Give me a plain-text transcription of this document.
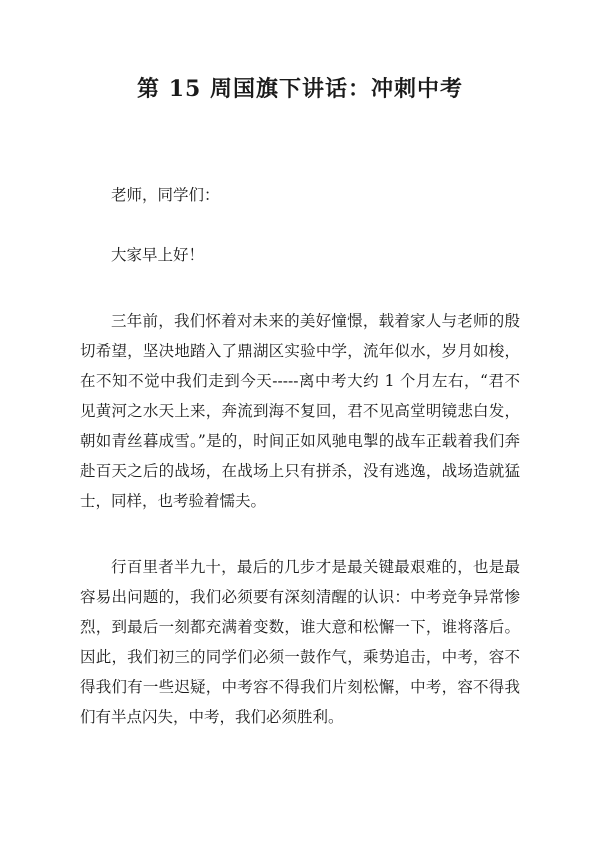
第 15 周国旗下讲话：冲刺中考

老师，同学们：

大家早上好！

三年前，我们怀着对未来的美好憧憬，载着家人与老师的殷切希望，坚决地踏入了鼎湖区实验中学，流年似水，岁月如梭，在不知不觉中我们走到今天-----离中考大约 1 个月左右，“君不见黄河之水天上来，奔流到海不复回，君不见高堂明镜悲白发，朝如青丝暮成雪。”是的，时间正如风驰电掣的战车正载着我们奔赴百天之后的战场，在战场上只有拼杀，没有逃逸，战场造就猛士，同样，也考验着懦夫。

行百里者半九十，最后的几步才是最关键最艰难的，也是最容易出问题的，我们必须要有深刻清醒的认识：中考竞争异常惨烈，到最后一刻都充满着变数，谁大意和松懈一下，谁将落后。因此，我们初三的同学们必须一鼓作气，乘势追击，中考，容不得我们有一些迟疑，中考容不得我们片刻松懈，中考，容不得我们有半点闪失，中考，我们必须胜利。
